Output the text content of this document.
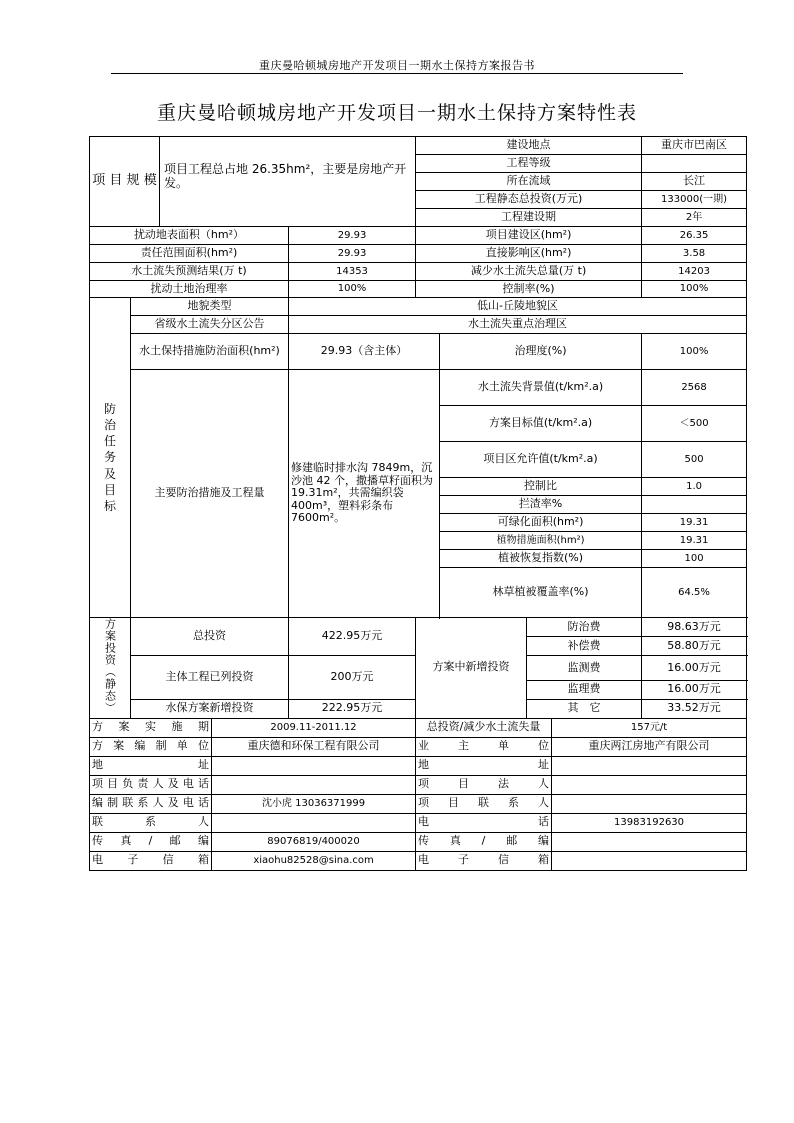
重庆曼哈顿城房地产开发项目一期水土保持方案报告书
重庆曼哈顿城房地产开发项目一期水土保持方案特性表
项 目 规 模		项目工程总占地 26.35hm²，主要是房地产开发。			建设地点				重庆市巴南区
					工程等级				
					所在流域				长江
					工程静态总投资(万元)				133000(一期)
					工程建设期				2年
扰动地表面积（hm²）				29.93	项目建设区(hm²)				26.35
责任范围面积(hm²)				29.93	直接影响区(hm²)				3.58
水土流失预测结果(万 t)				14353	减少水土流失总量(万 t)				14203
扰动土地治理率				100%	控制率(%)				100%
防治任务及目标	地貌类型			低山-丘陵地貌区					
	省级水土流失分区公告			水土流失重点治理区					
	水土保持措施防治面积(hm²)			29.93（含主体）		治理度(%)			100%
	主要防治措施及工程量			修建临时排水沟 7849m，沉沙池 42 个，撒播草籽面积为 19.31m²，共需编织袋 400m³，塑料彩条布 7600m²。		水土流失背景值(t/km².a)			2568
						方案目标值(t/km².a)			＜500
						项目区允许值(t/km².a)			500
						控制比			1.0
						拦渣率%			
						可绿化面积(hm²)			19.31
						植物措施面积(hm²)			19.31
						植被恢复指数(%)			100
						林草植被覆盖率(%)			64.5%

方案投资（静态）	总投资			422.95万元	方案中新增投资		防治费		98.63万元
							补偿费		58.80万元
	主体工程已列投资			200万元			监测费		16.00万元
							监理费		16.00万元
	水保方案新增投资			222.95万元			其　它		33.52万元
方案实施期			2009.11-2011.12		总投资/减少水土流失量			157元/t	
方案编制单位			重庆德和环保工程有限公司		业主单位			重庆两江房地产有限公司	
地址					地址				
项目负责人及电话					项目法人				
编制联系人及电话			沈小虎 13036371999		项目联系人				
联系人					电话			13983192630	
传真/邮编			89076819/400020		传真/邮编				
电子信箱			xiaohu82528@sina.com		电子信箱				
